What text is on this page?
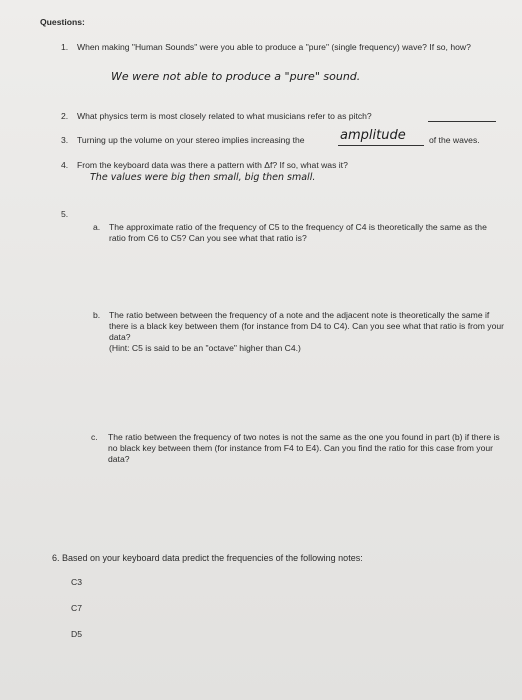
Questions:
1. When making "Human Sounds" were you able to produce a "pure" (single frequency) wave? If so, how?
We were not able to produce a "pure" sound.
2. What physics term is most closely related to what musicians refer to as pitch?
3. Turning up the volume on your stereo implies increasing the	amplitude	of the waves.
4. From the keyboard data was there a pattern with Δf? If so, what was it?
The values were big then small, big then small.
5.
a. The approximate ratio of the frequency of C5 to the frequency of C4 is theoretically the same as the ratio from C6 to C5? Can you see what that ratio is?
b. The ratio between between the frequency of a note and the adjacent note is theoretically the same if there is a black key between them (for instance from D4 to C4). Can you see what that ratio is from your data?
(Hint: C5 is said to be an "octave" higher than C4.)
c. The ratio between the frequency of two notes is not the same as the one you found in part (b) if there is no black key between them (for instance from F4 to E4). Can you find the ratio for this case from your data?
6. Based on your keyboard data predict the frequencies of the following notes:
C3
C7
D5
